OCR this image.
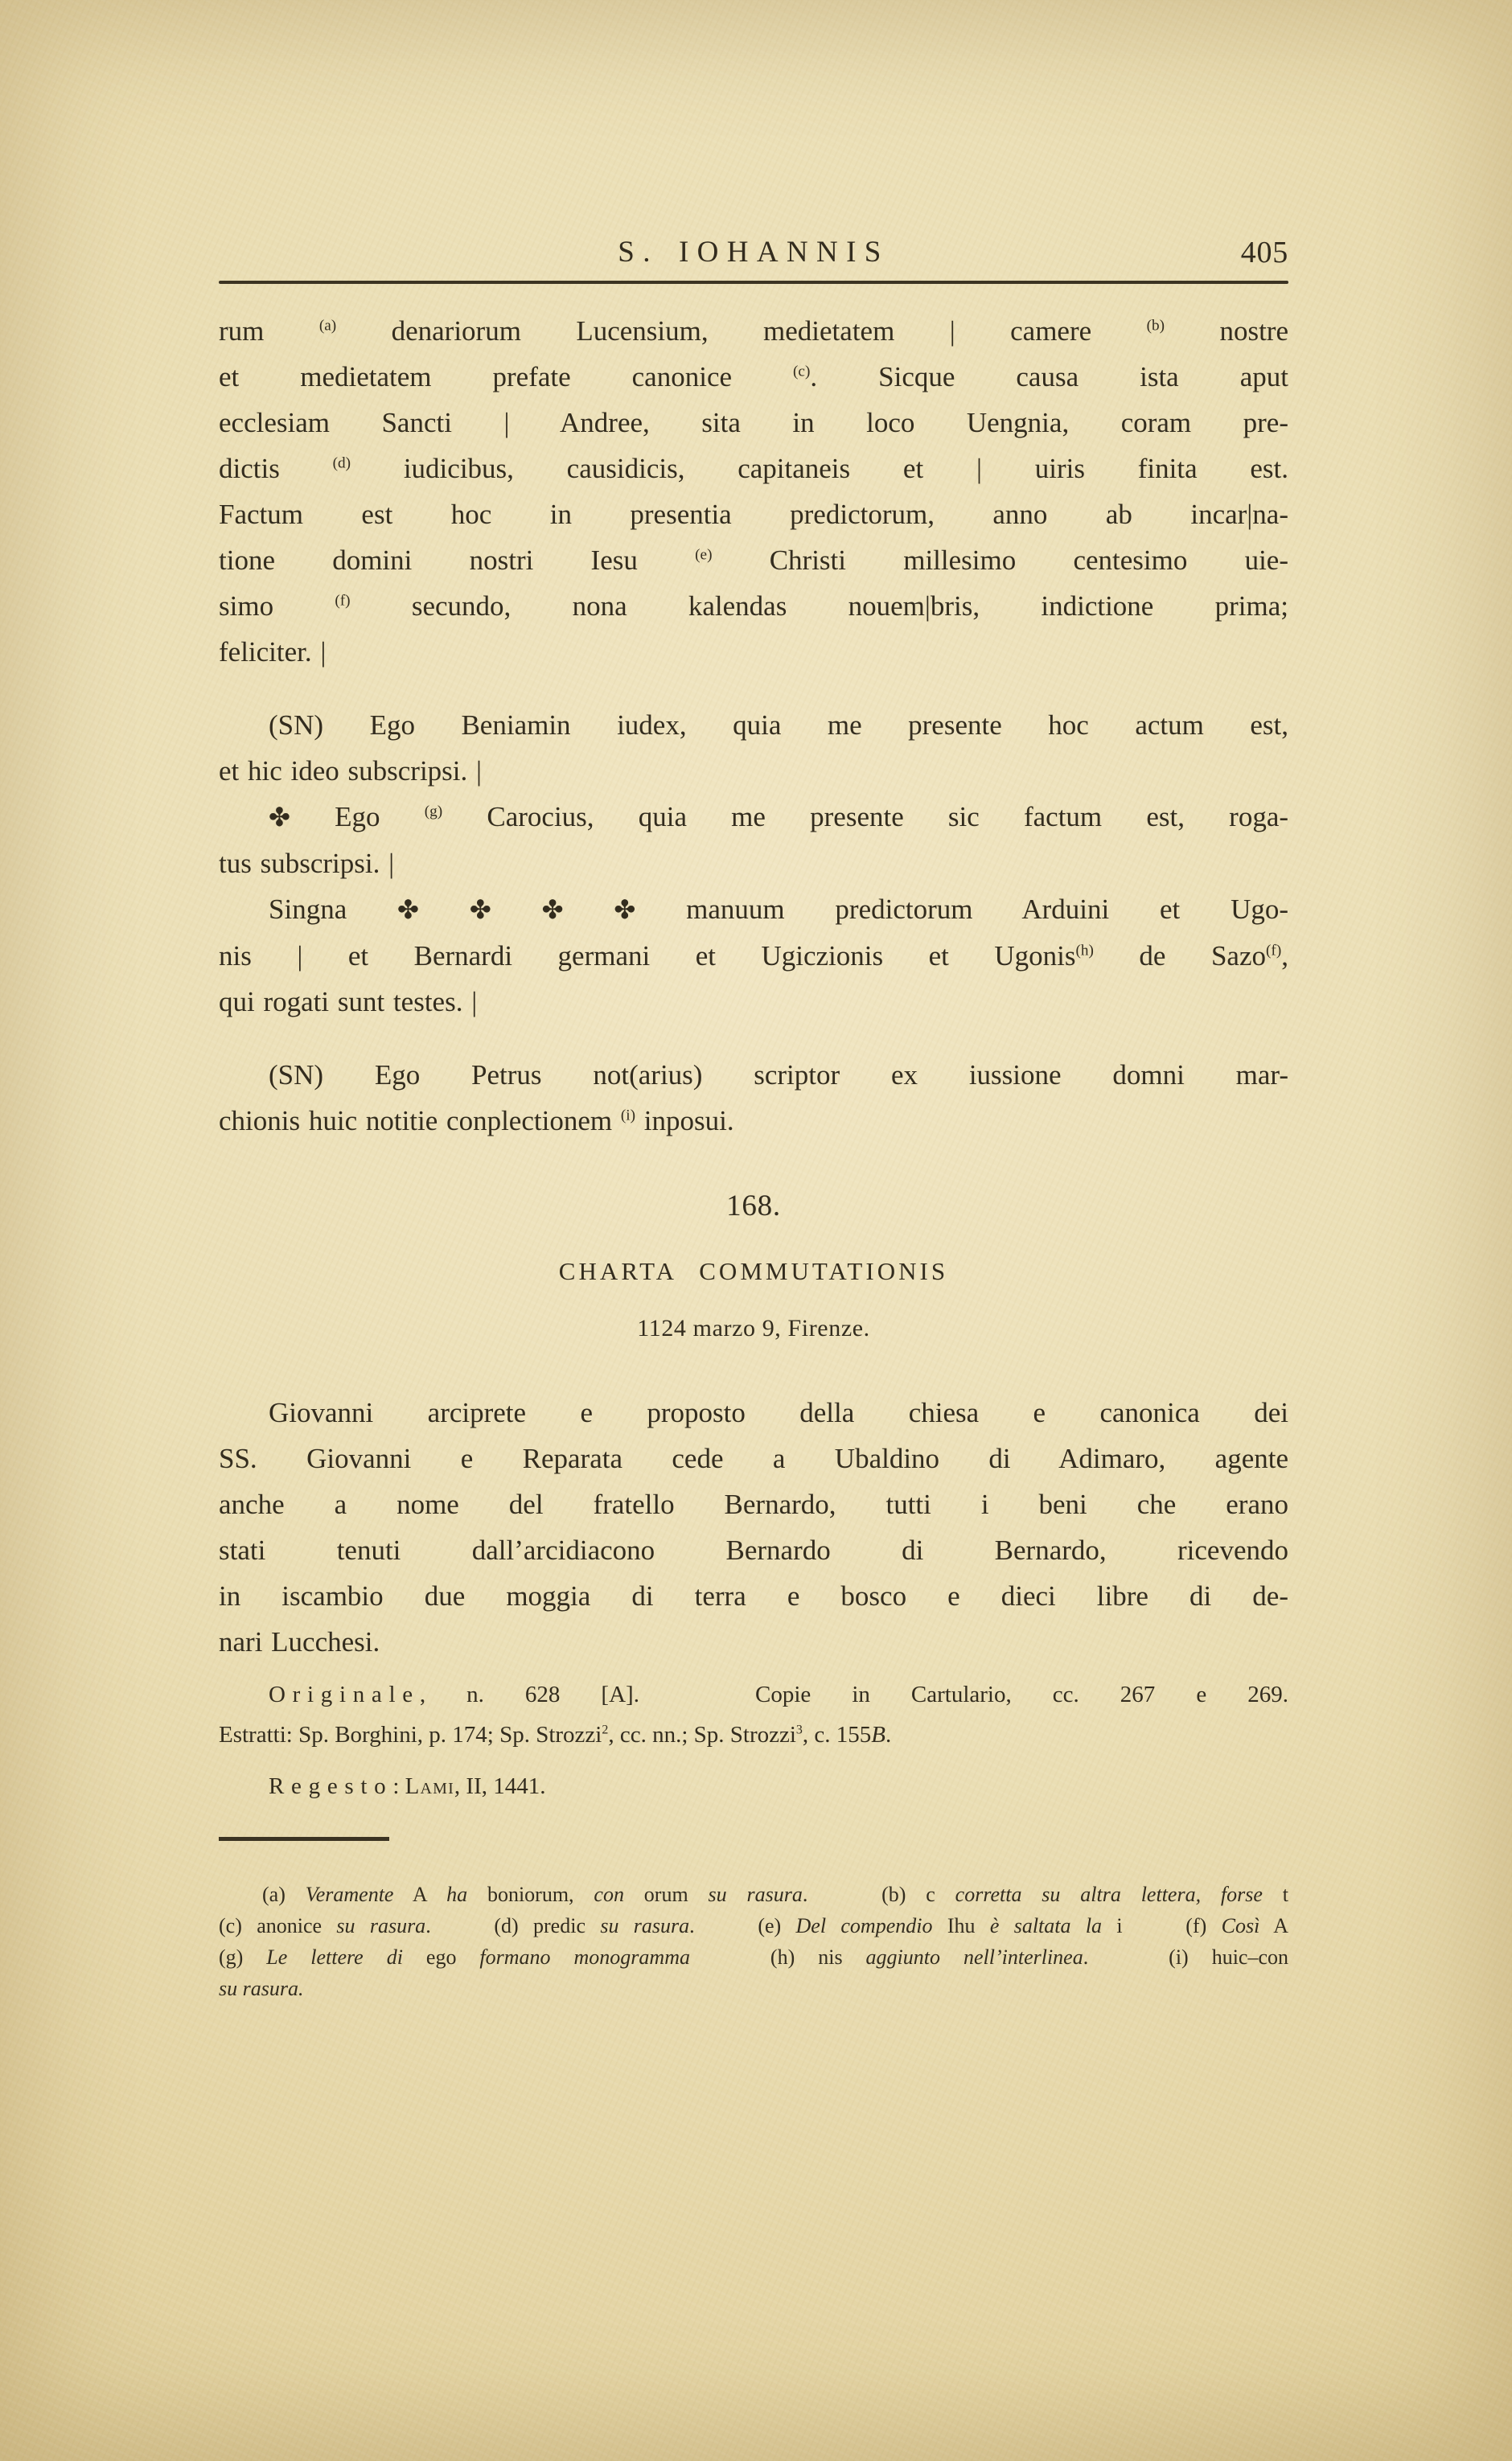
S. IOHANNIS	405
rum $^{(a)}$ denariorum Lucensium, medietatem | camere $^{(b)}$ nostre
et medietatem prefate canonice $^{(c)}$. Sicque causa ista aput
ecclesiam Sancti | Andree, sita in loco Uengnia, coram pre-
dictis $^{(d)}$ iudicibus, causidicis, capitaneis et | uiris finita est.
Factum est hoc in presentia predictorum, anno ab incar|na-
tione domini nostri Iesu $^{(e)}$ Christi millesimo centesimo uie-
simo $^{(f)}$ secundo, nona kalendas nouem|bris, indictione prima;
feliciter. |
(SN) Ego Beniamin iudex, quia me presente hoc actum est,
et hic ideo subscripsi. |
✤ Ego $^{(g)}$ Carocius, quia me presente sic factum est, roga-
tus subscripsi. |
Singna ✤ ✤ ✤ ✤ manuum predictorum Arduini et Ugo-
nis | et Bernardi germani et Ugiczionis et Ugonis$^{(h)}$ de Sazo$^{(f)}$,
qui rogati sunt testes. |
(SN) Ego Petrus not(arius) scriptor ex iussione domni mar-
chionis huic notitie conplectionem $^{(i)}$ inposui.
168.
CHARTA COMMUTATIONIS
1124 marzo 9, Firenze.
Giovanni arciprete e proposto della chiesa e canonica dei
SS. Giovanni e Reparata cede a Ubaldino di Adimaro, agente
anche a nome del fratello Bernardo, tutti i beni che erano
stati tenuti dall’arcidiacono Bernardo di Bernardo, ricevendo
in iscambio due moggia di terra e bosco e dieci libre di de-
nari Lucchesi.
Originale, n. 628 [A].  Copie in Cartulario, cc. 267 e 269.
Estratti: Sp. Borghini, p. 174; Sp. Strozzi$^2$, cc. nn.; Sp. Strozzi$^3$, c. 155B.
Regesto: Lami, II, 1441.
(a) Veramente A ha boniorum, con orum su rasura.  (b) c corretta su altra lettera, forse t
(c) anonice su rasura.  (d) predic su rasura.  (e) Del compendio Ihu è saltata la i  (f) Così A
(g) Le lettere di ego formano monogramma	(h) nis aggiunto nell’interlinea.  (i) huic–con
su rasura.
